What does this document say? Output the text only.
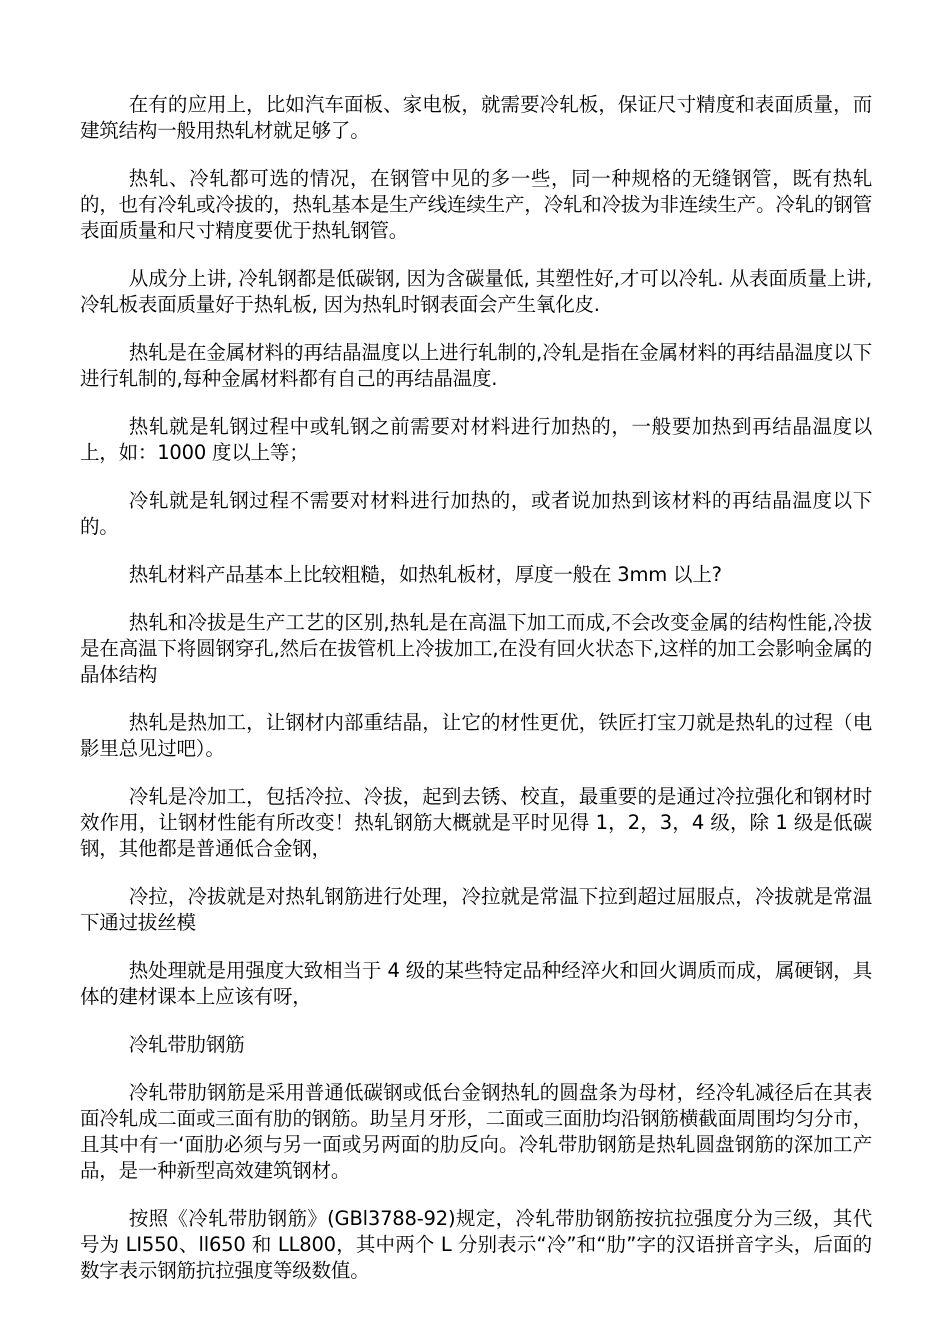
在有的应用上，比如汽车面板、家电板，就需要冷轧板，保证尺寸精度和表面质量，而建筑结构一般用热轧材就足够了。

热轧、冷轧都可选的情况，在钢管中见的多一些，同一种规格的无缝钢管，既有热轧的，也有冷轧或冷拔的，热轧基本是生产线连续生产，冷轧和冷拔为非连续生产。冷轧的钢管表面质量和尺寸精度要优于热轧钢管。

从成分上讲, 冷轧钢都是低碳钢, 因为含碳量低, 其塑性好,才可以冷轧. 从表面质量上讲,冷轧板表面质量好于热轧板, 因为热轧时钢表面会产生氧化皮.

热轧是在金属材料的再结晶温度以上进行轧制的,冷轧是指在金属材料的再结晶温度以下进行轧制的,每种金属材料都有自己的再结晶温度.

热轧就是轧钢过程中或轧钢之前需要对材料进行加热的，一般要加热到再结晶温度以上，如：1000 度以上等；

冷轧就是轧钢过程不需要对材料进行加热的，或者说加热到该材料的再结晶温度以下的。

热轧材料产品基本上比较粗糙，如热轧板材，厚度一般在 3mm 以上?

热轧和冷拔是生产工艺的区别,热轧是在高温下加工而成,不会改变金属的结构性能,冷拔是在高温下将圆钢穿孔,然后在拔管机上冷拔加工,在没有回火状态下,这样的加工会影响金属的晶体结构

热轧是热加工，让钢材内部重结晶，让它的材性更优，铁匠打宝刀就是热轧的过程（电影里总见过吧）。

冷轧是冷加工，包括冷拉、冷拔，起到去锈、校直，最重要的是通过冷拉强化和钢材时效作用，让钢材性能有所改变！热轧钢筋大概就是平时见得 1，2，3，4 级，除 1 级是低碳钢，其他都是普通低合金钢，

冷拉，冷拔就是对热轧钢筋进行处理，冷拉就是常温下拉到超过屈服点，冷拔就是常温下通过拔丝模

热处理就是用强度大致相当于 4 级的某些特定品种经淬火和回火调质而成，属硬钢，具体的建材课本上应该有呀，

冷轧带肋钢筋

冷轧带肋钢筋是采用普通低碳钢或低台金钢热轧的圆盘条为母材，经冷轧减径后在其表面冷轧成二面或三面有肋的钢筋。助呈月牙形，二面或三面肋均沿钢筋横截面周围均匀分市，且其中有一‘面肋必须与另一面或另两面的肋反向。冷轧带肋钢筋是热轧圆盘钢筋的深加工产品，是一种新型高效建筑钢材。

按照《冷轧带肋钢筋》(GBl3788-92)规定，冷轧带肋钢筋按抗拉强度分为三级，其代号为 LI550、ll650 和 LL800，其中两个 L 分别表示“冷”和“肋”字的汉语拼音字头，后面的数字表示钢筋抗拉强度等级数值。
